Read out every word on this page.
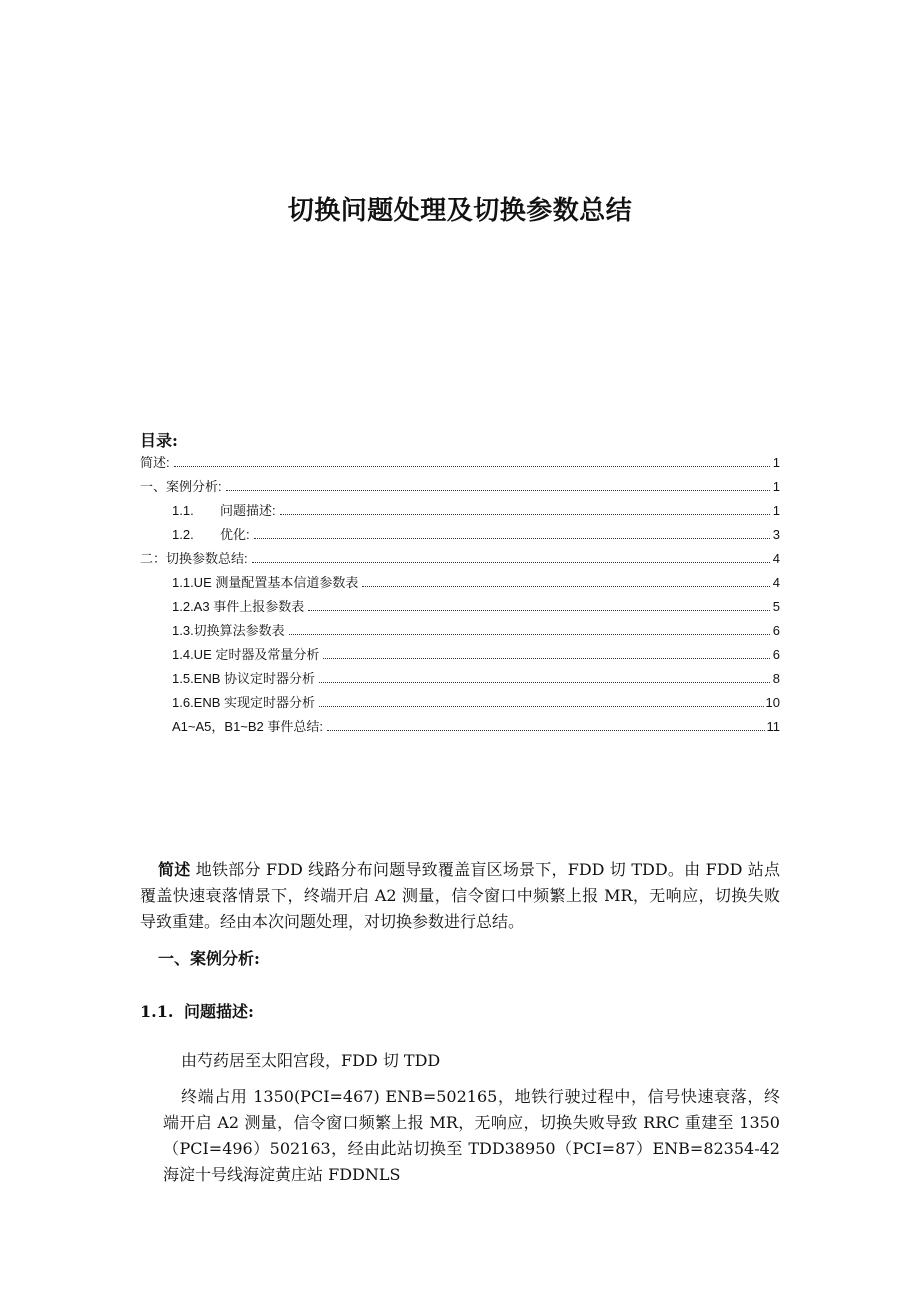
切换问题处理及切换参数总结
目录:
简述:	1
一、案例分析:	1
1.1.	问题描述:	1
1.2.	优化:	3
二：切换参数总结:	4
1.1.UE 测量配置基本信道参数表	4
1.2.A3 事件上报参数表	5
1.3.切换算法参数表	6
1.4.UE 定时器及常量分析	6
1.5.ENB 协议定时器分析	8
1.6.ENB 实现定时器分析	10
A1~A5，B1~B2 事件总结:	11
简述 地铁部分 FDD 线路分布问题导致覆盖盲区场景下，FDD 切 TDD。由 FDD 站点覆盖快速衰落情景下，终端开启 A2 测量，信令窗口中频繁上报 MR，无响应，切换失败导致重建。经由本次问题处理，对切换参数进行总结。
一、案例分析:
1.1. 问题描述:
由芍药居至太阳宫段，FDD 切 TDD
终端占用 1350(PCI=467) ENB=502165，地铁行驶过程中，信号快速衰落，终端开启 A2 测量，信令窗口频繁上报 MR，无响应，切换失败导致 RRC 重建至 1350（PCI=496）502163，经由此站切换至 TDD38950（PCI=87）ENB=82354-42 海淀十号线海淀黄庄站 FDDNLS
